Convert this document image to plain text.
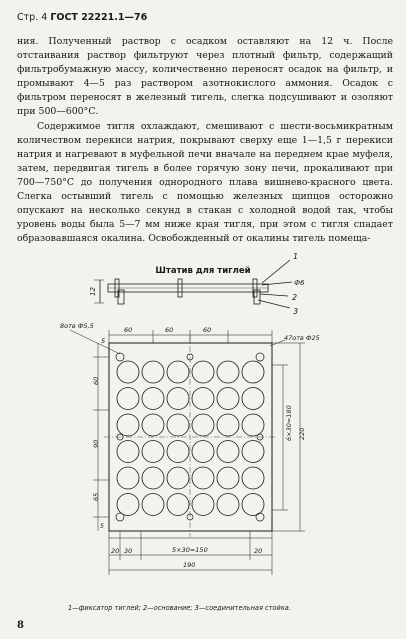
Стр. 4 ГОСТ 22221.1—76

ния. Полученный раствор с осадком оставляют на 12 ч. После отстаивания раствор фильтруют через плотный фильтр, содержащий фильтробумажную массу, количественно переносят осадок на фильтр, и промывают 4—5 раз раствором азотнокислого аммония. Осадок с фильтром переносят в железный тигель, слегка подсушивают и озоляют при 500—600°С.

Содержимое тигля охлаждают, смешивают с шести-восьмикратным количеством перекиси натрия, покрывают сверху еще 1—1,5 г перекиси натрия и нагревают в муфельной печи вначале на переднем крае муфеля, затем, передвигая тигель в более горячую зону печи, прокаливают при 700—750°С до получения однородного плава вишнево-красного цвета. Слегка остывший тигель с помощью железных щипцов осторожно опускают на несколько секунд в стакан с холодной водой так, чтобы уровень воды была 5—7 мм ниже края тигля, при этом с тигля спадает образовавшаяся окалина. Освобожденный от окалины тигель помеща-

Штатив для тиглей
1
2
3
Ф6
12
8отв Ф5,5
47отв Ф25
5
60	60	60
60
90
65
5
6×30=180 220
20 30	20
5×30=150
190
1—фиксатор тиглей; 2—основание; 3—соединительная стойка.
8
